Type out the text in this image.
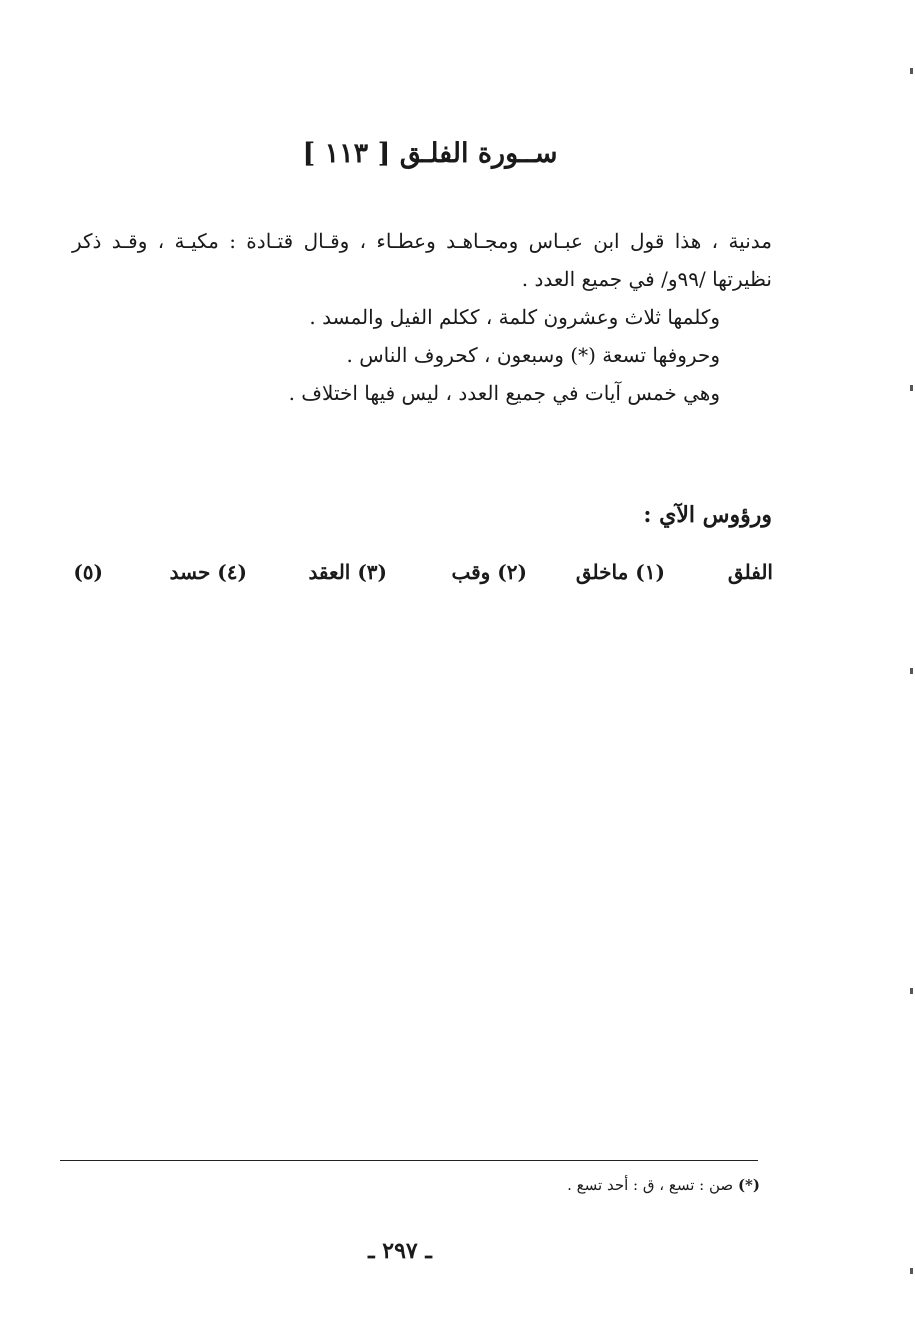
ســورة الفلـق [ ١١٣ ]

مدنية ، هذا قول ابن عبـاس ومجـاهـد وعطـاء ، وقـال قتـادة : مكيـة ، وقـد ذكر نظيرتها /٩٩و/ في جميع العدد .

وكلمها ثلاث وعشرون كلمة ، ككلم الفيل والمسد .

وحروفها تسعة (*) وسبعون ، كحروف الناس .

وهي خمس آيات في جميع العدد ، ليس فيها اختلاف .

ورؤوس الآي :
الفلق
(١) ماخلق
(٢) وقب
(٣) العقد
(٤) حسد
(٥)
(*) صن : تسع ، ق : أحد تسع .
ـ ٢٩٧ ـ
